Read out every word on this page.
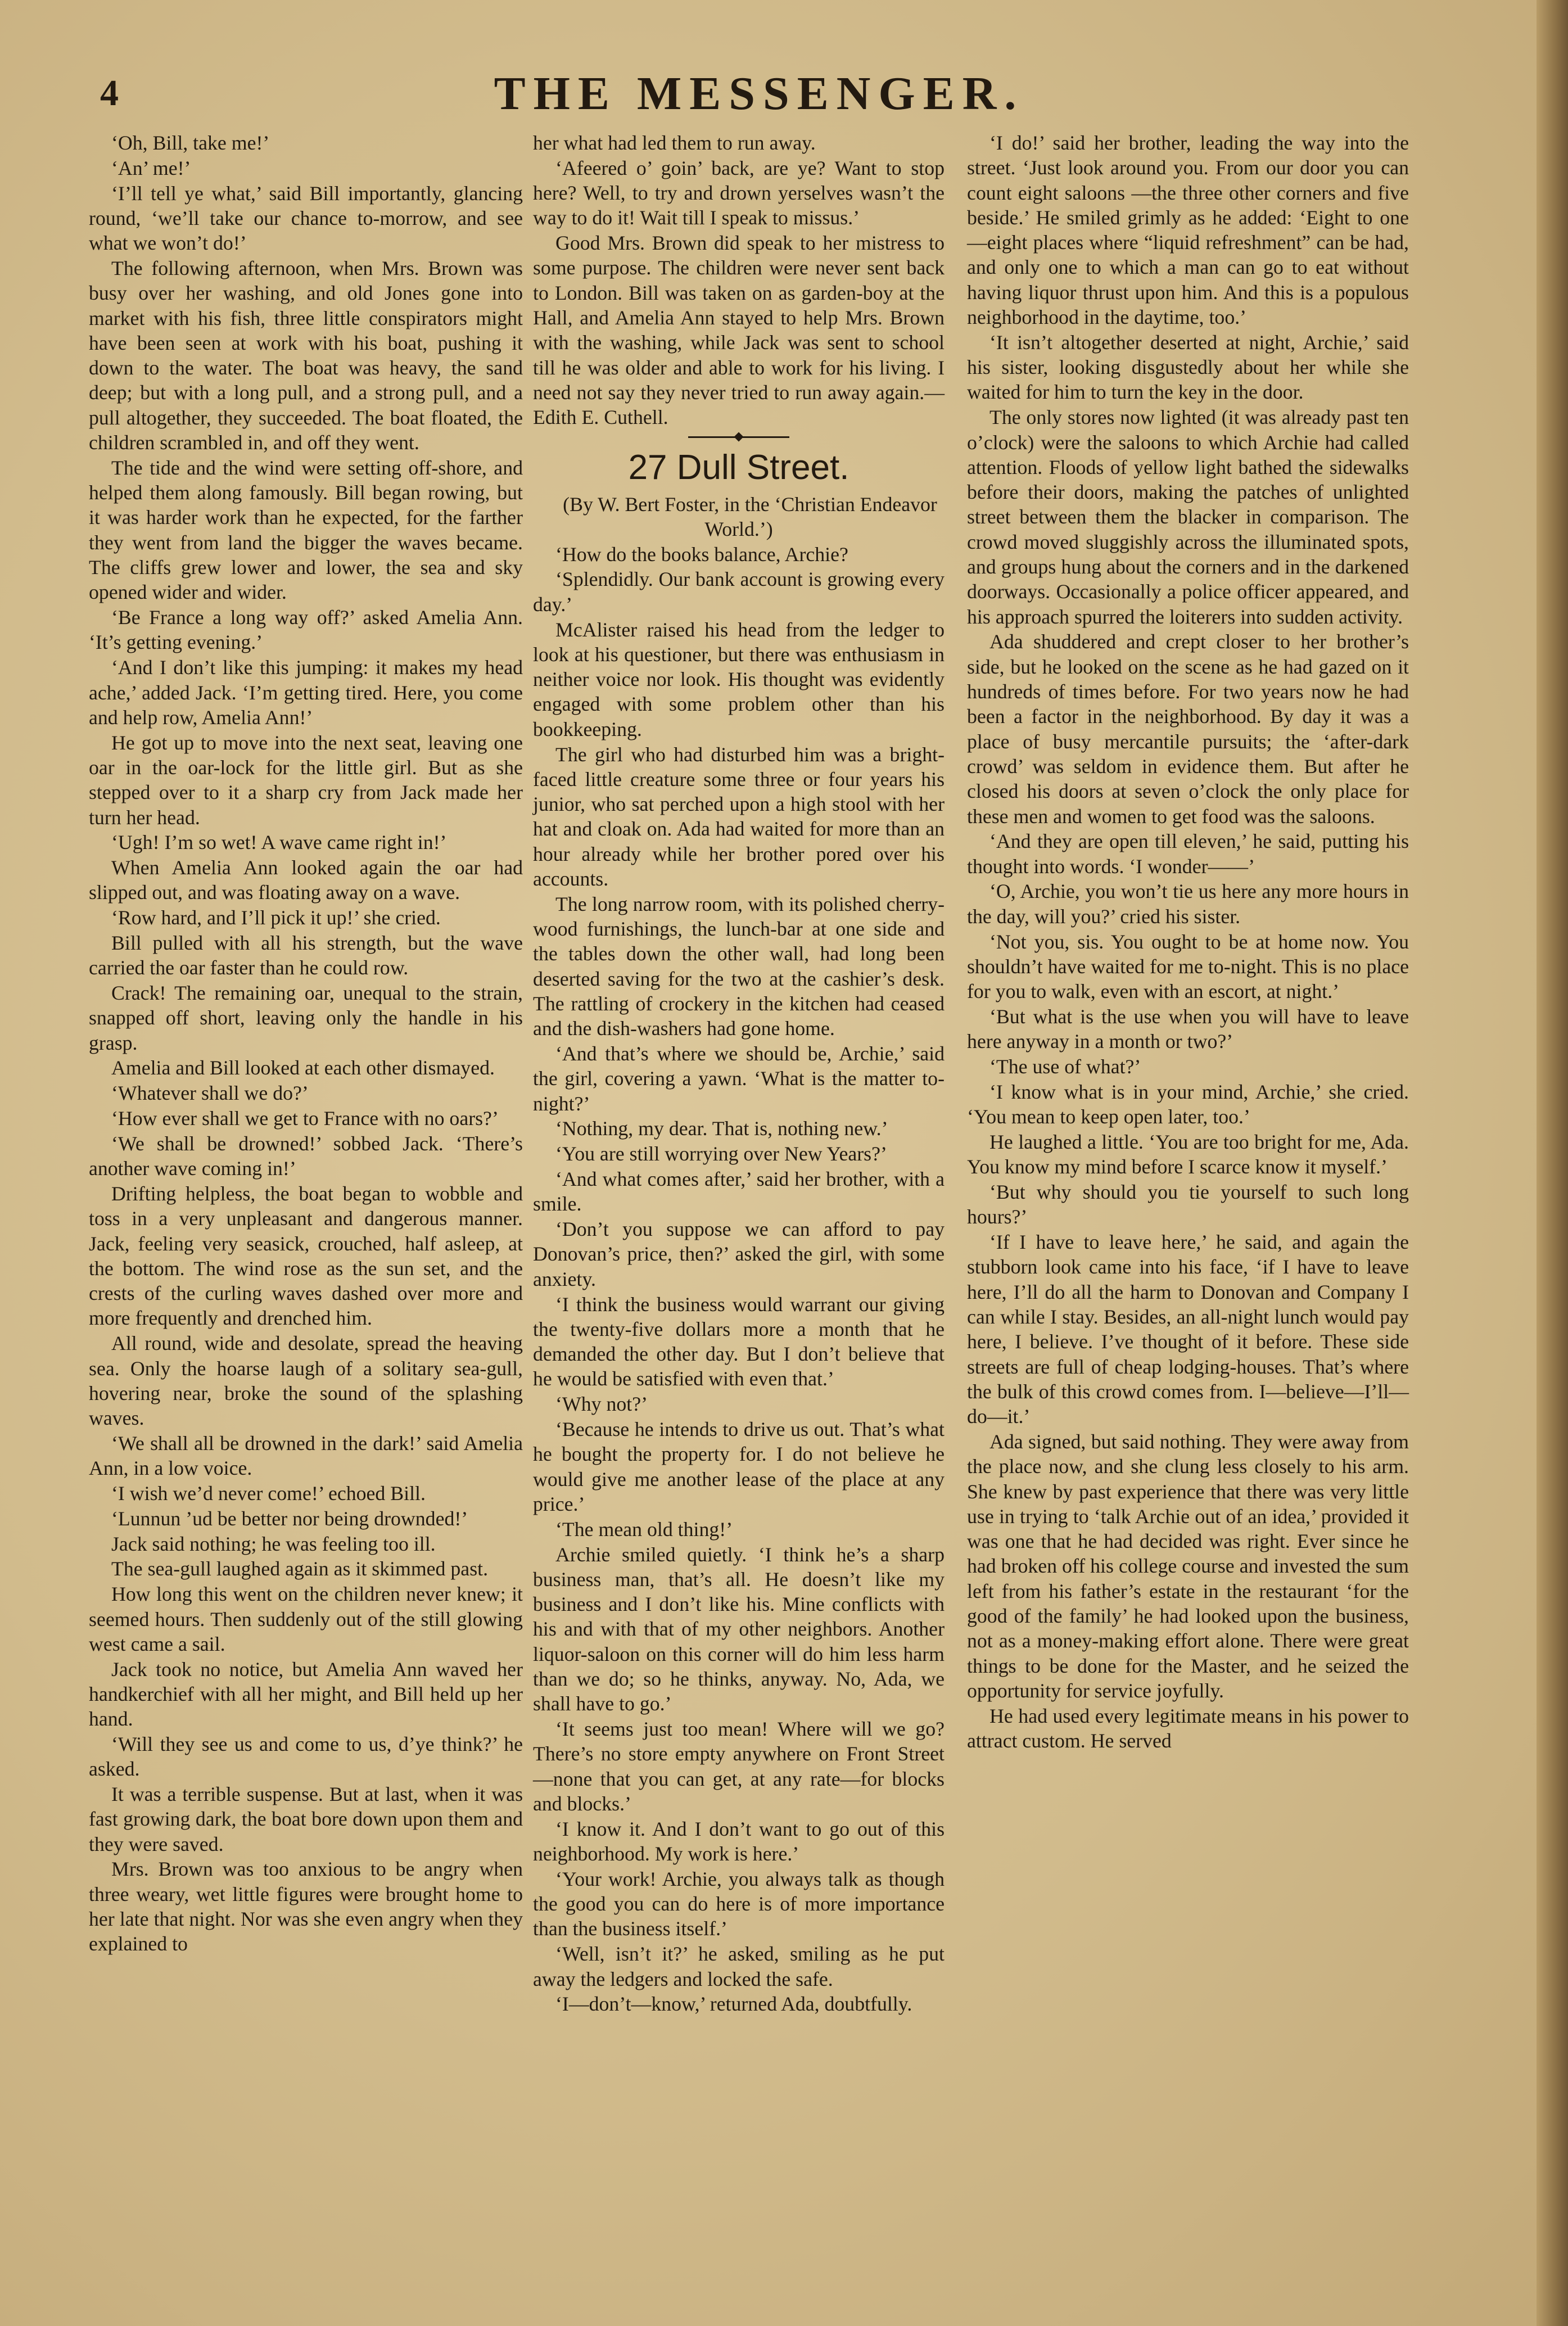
4	THE MESSENGER.

‘Oh, Bill, take me!’

‘An’ me!’

‘I’ll tell ye what,’ said Bill importantly, glancing round, ‘we’ll take our chance to-morrow, and see what we won’t do!’

The following afternoon, when Mrs. Brown was busy over her washing, and old Jones gone into market with his fish, three little conspirators might have been seen at work with his boat, pushing it down to the water. The boat was heavy, the sand deep; but with a long pull, and a strong pull, and a pull altogether, they succeeded. The boat floated, the children scrambled in, and off they went.

The tide and the wind were setting off-shore, and helped them along famously. Bill began rowing, but it was harder work than he expected, for the farther they went from land the bigger the waves became. The cliffs grew lower and lower, the sea and sky opened wider and wider.

‘Be France a long way off?’ asked Amelia Ann. ‘It’s getting evening.’

‘And I don’t like this jumping: it makes my head ache,’ added Jack. ‘I’m getting tired. Here, you come and help row, Amelia Ann!’

He got up to move into the next seat, leaving one oar in the oar-lock for the little girl. But as she stepped over to it a sharp cry from Jack made her turn her head.

‘Ugh! I’m so wet! A wave came right in!’

When Amelia Ann looked again the oar had slipped out, and was floating away on a wave.

‘Row hard, and I’ll pick it up!’ she cried.

Bill pulled with all his strength, but the wave carried the oar faster than he could row.

Crack! The remaining oar, unequal to the strain, snapped off short, leaving only the handle in his grasp.

Amelia and Bill looked at each other dismayed.

‘Whatever shall we do?’

‘How ever shall we get to France with no oars?’

‘We shall be drowned!’ sobbed Jack. ‘There’s another wave coming in!’

Drifting helpless, the boat began to wobble and toss in a very unpleasant and dangerous manner. Jack, feeling very seasick, crouched, half asleep, at the bottom. The wind rose as the sun set, and the crests of the curling waves dashed over more and more frequently and drenched him.

All round, wide and desolate, spread the heaving sea. Only the hoarse laugh of a solitary sea-gull, hovering near, broke the sound of the splashing waves.

‘We shall all be drowned in the dark!’ said Amelia Ann, in a low voice.

‘I wish we’d never come!’ echoed Bill.

‘Lunnun ’ud be better nor being drownded!’

Jack said nothing; he was feeling too ill.

The sea-gull laughed again as it skimmed past.

How long this went on the children never knew; it seemed hours. Then suddenly out of the still glowing west came a sail.

Jack took no notice, but Amelia Ann waved her handkerchief with all her might, and Bill held up her hand.

‘Will they see us and come to us, d’ye think?’ he asked.

It was a terrible suspense. But at last, when it was fast growing dark, the boat bore down upon them and they were saved.

Mrs. Brown was too anxious to be angry when three weary, wet little figures were brought home to her late that night. Nor was she even angry when they explained to

her what had led them to run away.

‘Afeered o’ goin’ back, are ye? Want to stop here? Well, to try and drown yerselves wasn’t the way to do it! Wait till I speak to missus.’

Good Mrs. Brown did speak to her mistress to some purpose. The children were never sent back to London. Bill was taken on as garden-boy at the Hall, and Amelia Ann stayed to help Mrs. Brown with the washing, while Jack was sent to school till he was older and able to work for his living. I need not say they never tried to run away again.—Edith E. Cuthell.

27 Dull Street.

(By W. Bert Foster, in the ‘Christian Endeavor World.’)

‘How do the books balance, Archie?

‘Splendidly. Our bank account is growing every day.’

McAlister raised his head from the ledger to look at his questioner, but there was enthusiasm in neither voice nor look. His thought was evidently engaged with some problem other than his bookkeeping.

The girl who had disturbed him was a bright-faced little creature some three or four years his junior, who sat perched upon a high stool with her hat and cloak on. Ada had waited for more than an hour already while her brother pored over his accounts.

The long narrow room, with its polished cherry-wood furnishings, the lunch-bar at one side and the tables down the other wall, had long been deserted saving for the two at the cashier’s desk. The rattling of crockery in the kitchen had ceased and the dish-washers had gone home.

‘And that’s where we should be, Archie,’ said the girl, covering a yawn. ‘What is the matter to-night?’

‘Nothing, my dear. That is, nothing new.’

‘You are still worrying over New Years?’

‘And what comes after,’ said her brother, with a smile.

‘Don’t you suppose we can afford to pay Donovan’s price, then?’ asked the girl, with some anxiety.

‘I think the business would warrant our giving the twenty-five dollars more a month that he demanded the other day. But I don’t believe that he would be satisfied with even that.’

‘Why not?’

‘Because he intends to drive us out. That’s what he bought the property for. I do not believe he would give me another lease of the place at any price.’

‘The mean old thing!’

Archie smiled quietly. ‘I think he’s a sharp business man, that’s all. He doesn’t like my business and I don’t like his. Mine conflicts with his and with that of my other neighbors. Another liquor-saloon on this corner will do him less harm than we do; so he thinks, anyway. No, Ada, we shall have to go.’

‘It seems just too mean! Where will we go? There’s no store empty anywhere on Front Street—none that you can get, at any rate—for blocks and blocks.’

‘I know it. And I don’t want to go out of this neighborhood. My work is here.’

‘Your work! Archie, you always talk as though the good you can do here is of more importance than the business itself.’

‘Well, isn’t it?’ he asked, smiling as he put away the ledgers and locked the safe.

‘I—don’t—know,’ returned Ada, doubtfully.

‘I do!’ said her brother, leading the way into the street. ‘Just look around you. From our door you can count eight saloons —the three other corners and five beside.’ He smiled grimly as he added: ‘Eight to one—eight places where “liquid refreshment” can be had, and only one to which a man can go to eat without having liquor thrust upon him. And this is a populous neighborhood in the daytime, too.’

‘It isn’t altogether deserted at night, Archie,’ said his sister, looking disgustedly about her while she waited for him to turn the key in the door.

The only stores now lighted (it was already past ten o’clock) were the saloons to which Archie had called attention. Floods of yellow light bathed the sidewalks before their doors, making the patches of unlighted street between them the blacker in comparison. The crowd moved sluggishly across the illuminated spots, and groups hung about the corners and in the darkened doorways. Occasionally a police officer appeared, and his approach spurred the loiterers into sudden activity.

Ada shuddered and crept closer to her brother’s side, but he looked on the scene as he had gazed on it hundreds of times before. For two years now he had been a factor in the neighborhood. By day it was a place of busy mercantile pursuits; the ‘after-dark crowd’ was seldom in evidence them. But after he closed his doors at seven o’clock the only place for these men and women to get food was the saloons.

‘And they are open till eleven,’ he said, putting his thought into words. ‘I wonder——’

‘O, Archie, you won’t tie us here any more hours in the day, will you?’ cried his sister.

‘Not you, sis. You ought to be at home now. You shouldn’t have waited for me to-night. This is no place for you to walk, even with an escort, at night.’

‘But what is the use when you will have to leave here anyway in a month or two?’

‘The use of what?’

‘I know what is in your mind, Archie,’ she cried. ‘You mean to keep open later, too.’

He laughed a little. ‘You are too bright for me, Ada. You know my mind before I scarce know it myself.’

‘But why should you tie yourself to such long hours?’

‘If I have to leave here,’ he said, and again the stubborn look came into his face, ‘if I have to leave here, I’ll do all the harm to Donovan and Company I can while I stay. Besides, an all-night lunch would pay here, I believe. I’ve thought of it before. These side streets are full of cheap lodging-houses. That’s where the bulk of this crowd comes from. I—believe—I’ll—do—it.’

Ada signed, but said nothing. They were away from the place now, and she clung less closely to his arm. She knew by past experience that there was very little use in trying to ‘talk Archie out of an idea,’ provided it was one that he had decided was right. Ever since he had broken off his college course and invested the sum left from his father’s estate in the restaurant ‘for the good of the family’ he had looked upon the business, not as a money-making effort alone. There were great things to be done for the Master, and he seized the opportunity for service joyfully.

He had used every legitimate means in his power to attract custom. He served
